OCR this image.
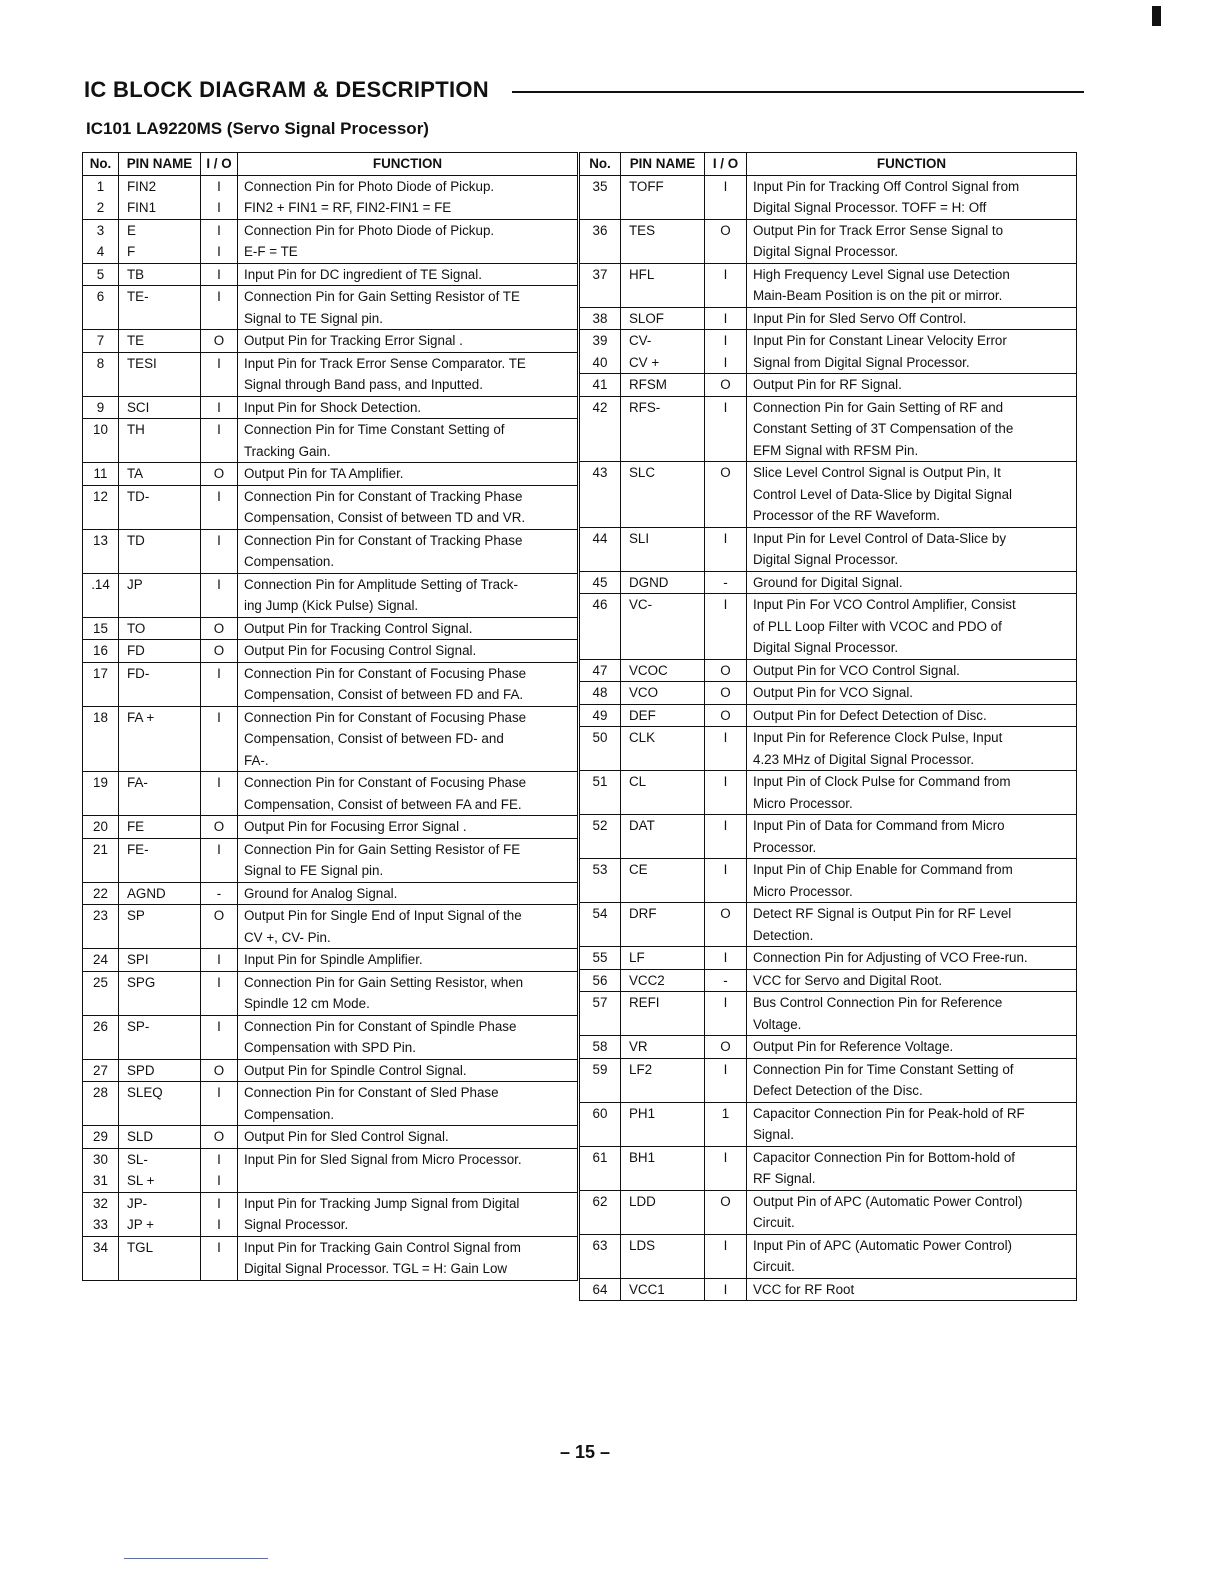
IC BLOCK DIAGRAM & DESCRIPTION
IC101 LA9220MS (Servo Signal Processor)
No.	PIN NAME	I / O	FUNCTION
1	FIN2	I	Connection Pin for Photo Diode of Pickup.
2	FIN1	I	FIN2 + FIN1 = RF, FIN2-FIN1 = FE
3	E	I	Connection Pin for Photo Diode of Pickup.
4	F	I	E-F = TE
5	TB	I	Input Pin for DC ingredient of TE Signal.
6	TE-	I	Connection Pin for Gain Setting Resistor of TE
			Signal to TE Signal pin.
7	TE	O	Output Pin for Tracking Error Signal .
8	TESI	I	Input Pin for Track Error Sense Comparator. TE
			Signal through Band pass, and Inputted.
9	SCI	I	Input Pin for Shock Detection.
10	TH	I	Connection Pin for Time Constant Setting of
			Tracking Gain.
11	TA	O	Output Pin for TA Amplifier.
12	TD-	I	Connection Pin for Constant of Tracking Phase
			Compensation, Consist of between TD and VR.
13	TD	I	Connection Pin for Constant of Tracking Phase
			Compensation.
.14	JP	I	Connection Pin for Amplitude Setting of Track-
			ing Jump (Kick Pulse) Signal.
15	TO	O	Output Pin for Tracking Control Signal.
16	FD	O	Output Pin for Focusing Control Signal.
17	FD-	I	Connection Pin for Constant of Focusing Phase
			Compensation, Consist of between FD and FA.
18	FA +	I	Connection Pin for Constant of Focusing Phase
			Compensation, Consist of between FD- and
			FA-.
19	FA-	I	Connection Pin for Constant of Focusing Phase
			Compensation, Consist of between FA and FE.
20	FE	O	Output Pin for Focusing Error Signal .
21	FE-	I	Connection Pin for Gain Setting Resistor of FE
			Signal to FE Signal pin.
22	AGND	-	Ground for Analog Signal.
23	SP	O	Output Pin for Single End of Input Signal of the
			CV +, CV- Pin.
24	SPI	I	Input Pin for Spindle Amplifier.
25	SPG	I	Connection Pin for Gain Setting Resistor, when
			Spindle 12 cm Mode.
26	SP-	I	Connection Pin for Constant of Spindle Phase
			Compensation with SPD Pin.
27	SPD	O	Output Pin for Spindle Control Signal.
28	SLEQ	I	Connection Pin for Constant of Sled Phase
			Compensation.
29	SLD	O	Output Pin for Sled Control Signal.
30	SL-	I	Input Pin for Sled Signal from Micro Processor.
31	SL +	I	
32	JP-	I	Input Pin for Tracking Jump Signal from Digital
33	JP +	I	Signal Processor.
34	TGL	I	Input Pin for Tracking Gain Control Signal from
			Digital Signal Processor. TGL = H: Gain Low
No.	PIN NAME	I / O	FUNCTION
35	TOFF	I	Input Pin for Tracking Off Control Signal from
			Digital Signal Processor. TOFF = H: Off
36	TES	O	Output Pin for Track Error Sense Signal to
			Digital Signal Processor.
37	HFL	I	High Frequency Level Signal use Detection
			Main-Beam Position is on the pit or mirror.
38	SLOF	I	Input Pin for Sled Servo Off Control.
39	CV-	I	Input Pin for Constant Linear Velocity Error
40	CV +	I	Signal from Digital Signal Processor.
41	RFSM	O	Output Pin for RF Signal.
42	RFS-	I	Connection Pin for Gain Setting of RF and
			Constant Setting of 3T Compensation of the
			EFM Signal with RFSM Pin.
43	SLC	O	Slice Level Control Signal is Output Pin, It
			Control Level of Data-Slice by Digital Signal
			Processor of the RF Waveform.
44	SLI	I	Input Pin for Level Control of Data-Slice by
			Digital Signal Processor.
45	DGND	-	Ground for Digital Signal.
46	VC-	I	Input Pin For VCO Control Amplifier, Consist
			of PLL Loop Filter with VCOC and PDO of
			Digital Signal Processor.
47	VCOC	O	Output Pin for VCO Control Signal.
48	VCO	O	Output Pin for VCO Signal.
49	DEF	O	Output Pin for Defect Detection of Disc.
50	CLK	I	Input Pin for Reference Clock Pulse, Input
			4.23 MHz of Digital Signal Processor.
51	CL	I	Input Pin of Clock Pulse for Command from
			Micro Processor.
52	DAT	I	Input Pin of Data for Command from Micro
			Processor.
53	CE	I	Input Pin of Chip Enable for Command from
			Micro Processor.
54	DRF	O	Detect RF Signal is Output Pin for RF Level
			Detection.
55	LF	I	Connection Pin for Adjusting of VCO Free-run.
56	VCC2	-	VCC for Servo and Digital Root.
57	REFI	I	Bus Control Connection Pin for Reference
			Voltage.
58	VR	O	Output Pin for Reference Voltage.
59	LF2	I	Connection Pin for Time Constant Setting of
			Defect Detection of the Disc.
60	PH1	1	Capacitor Connection Pin for Peak-hold of RF
			Signal.
61	BH1	I	Capacitor Connection Pin for Bottom-hold of
			RF Signal.
62	LDD	O	Output Pin of APC (Automatic Power Control)
			Circuit.
63	LDS	I	Input Pin of APC (Automatic Power Control)
			Circuit.
64	VCC1	I	VCC for RF Root
– 15 –
